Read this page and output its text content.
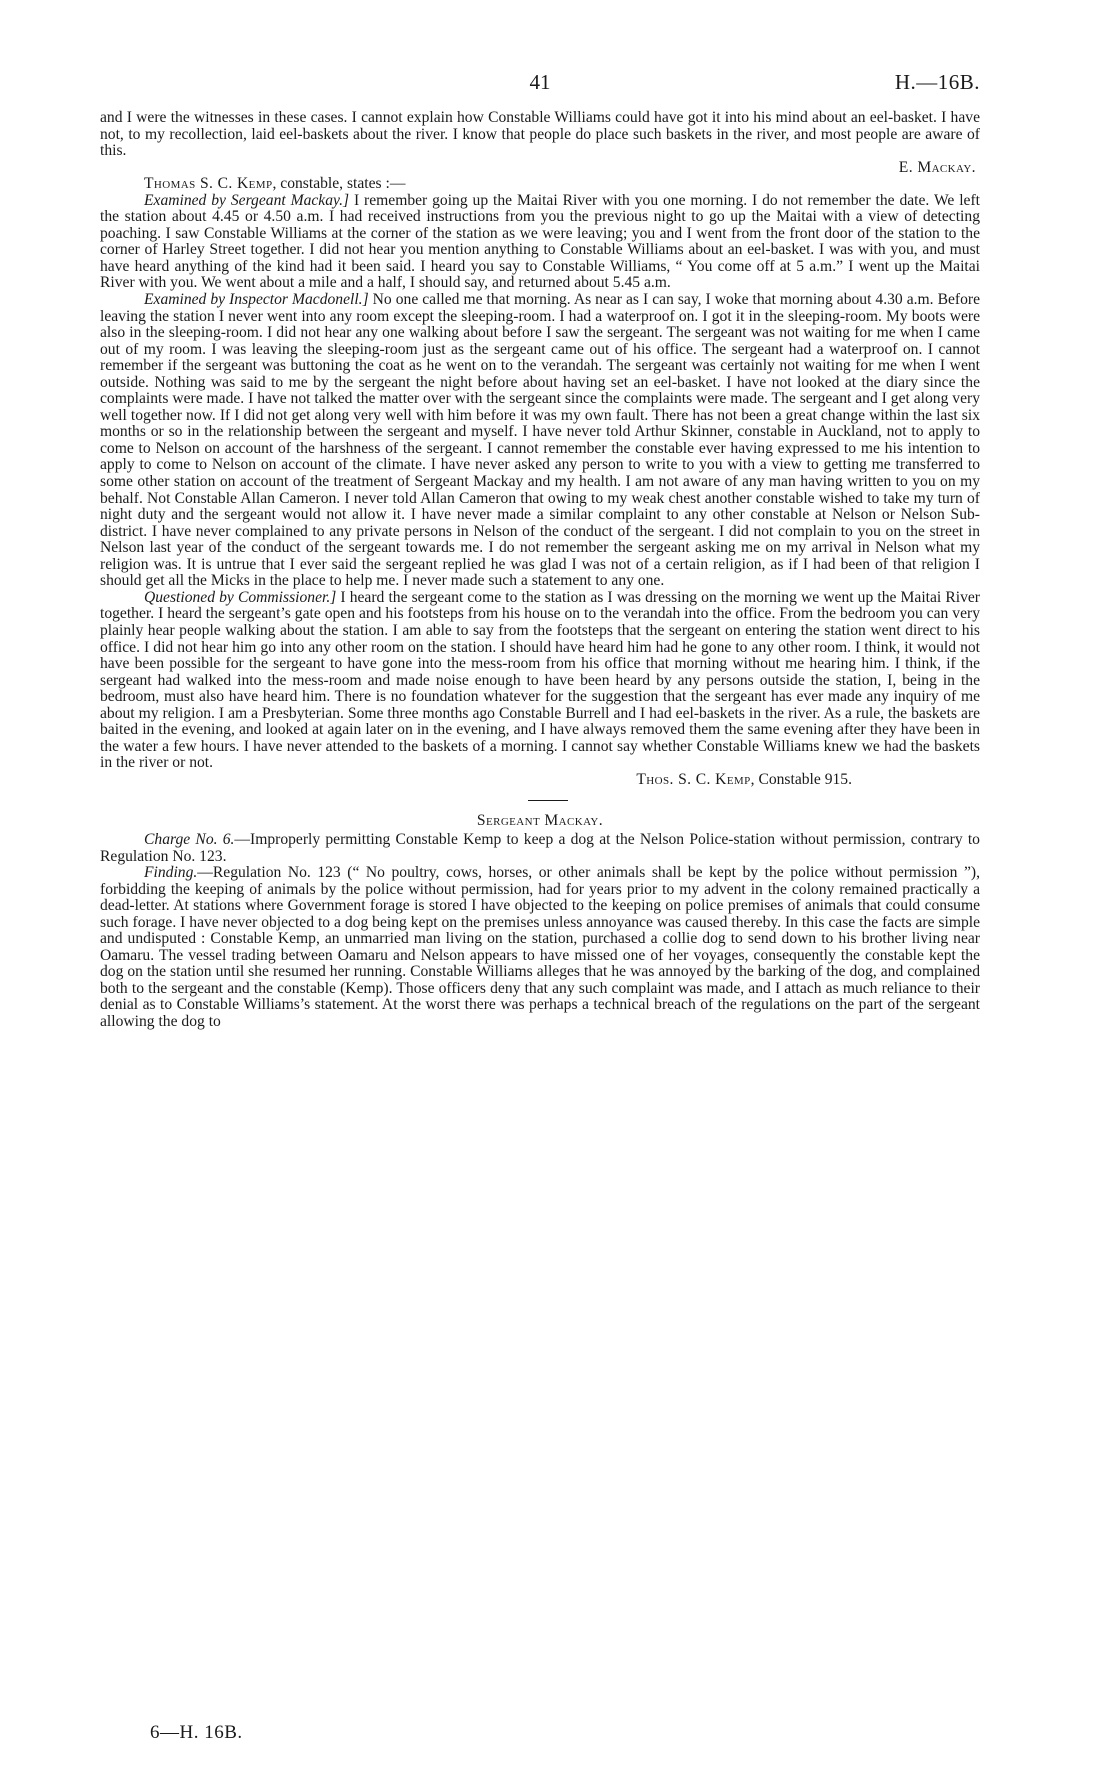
41	H.—16B.

and I were the witnesses in these cases. I cannot explain how Constable Williams could have got it into his mind about an eel-basket. I have not, to my recollection, laid eel-baskets about the river. I know that people do place such baskets in the river, and most people are aware of this.

E. Mackay.

Thomas S. C. Kemp, constable, states :—

Examined by Sergeant Mackay.] I remember going up the Maitai River with you one morning. I do not remember the date. We left the station about 4.45 or 4.50 a.m. I had received instructions from you the previous night to go up the Maitai with a view of detecting poaching. I saw Constable Williams at the corner of the station as we were leaving; you and I went from the front door of the station to the corner of Harley Street together. I did not hear you mention anything to Constable Williams about an eel-basket. I was with you, and must have heard anything of the kind had it been said. I heard you say to Constable Williams, “ You come off at 5 a.m.” I went up the Maitai River with you. We went about a mile and a half, I should say, and returned about 5.45 a.m.

Examined by Inspector Macdonell.] No one called me that morning. As near as I can say, I woke that morning about 4.30 a.m. Before leaving the station I never went into any room except the sleeping-room. I had a waterproof on. I got it in the sleeping-room. My boots were also in the sleeping-room. I did not hear any one walking about before I saw the sergeant. The sergeant was not waiting for me when I came out of my room. I was leaving the sleeping-room just as the sergeant came out of his office. The sergeant had a waterproof on. I cannot remember if the sergeant was buttoning the coat as he went on to the verandah. The sergeant was certainly not waiting for me when I went outside. Nothing was said to me by the sergeant the night before about having set an eel-basket. I have not looked at the diary since the complaints were made. I have not talked the matter over with the sergeant since the complaints were made. The sergeant and I get along very well together now. If I did not get along very well with him before it was my own fault. There has not been a great change within the last six months or so in the relationship between the sergeant and myself. I have never told Arthur Skinner, constable in Auckland, not to apply to come to Nelson on account of the harshness of the sergeant. I cannot remember the constable ever having expressed to me his intention to apply to come to Nelson on account of the climate. I have never asked any person to write to you with a view to getting me transferred to some other station on account of the treatment of Sergeant Mackay and my health. I am not aware of any man having written to you on my behalf. Not Constable Allan Cameron. I never told Allan Cameron that owing to my weak chest another constable wished to take my turn of night duty and the sergeant would not allow it. I have never made a similar complaint to any other constable at Nelson or Nelson Sub-district. I have never complained to any private persons in Nelson of the conduct of the sergeant. I did not complain to you on the street in Nelson last year of the conduct of the sergeant towards me. I do not remember the sergeant asking me on my arrival in Nelson what my religion was. It is untrue that I ever said the sergeant replied he was glad I was not of a certain religion, as if I had been of that religion I should get all the Micks in the place to help me. I never made such a statement to any one.

Questioned by Commissioner.] I heard the sergeant come to the station as I was dressing on the morning we went up the Maitai River together. I heard the sergeant’s gate open and his footsteps from his house on to the verandah into the office. From the bedroom you can very plainly hear people walking about the station. I am able to say from the footsteps that the sergeant on entering the station went direct to his office. I did not hear him go into any other room on the station. I should have heard him had he gone to any other room. I think, it would not have been possible for the sergeant to have gone into the mess-room from his office that morning without me hearing him. I think, if the sergeant had walked into the mess-room and made noise enough to have been heard by any persons outside the station, I, being in the bedroom, must also have heard him. There is no foundation whatever for the suggestion that the sergeant has ever made any inquiry of me about my religion. I am a Presbyterian. Some three months ago Constable Burrell and I had eel-baskets in the river. As a rule, the baskets are baited in the evening, and looked at again later on in the evening, and I have always removed them the same evening after they have been in the water a few hours. I have never attended to the baskets of a morning. I cannot say whether Constable Williams knew we had the baskets in the river or not.

Thos. S. C. Kemp, Constable 915.
Sergeant Mackay.

Charge No. 6.—Improperly permitting Constable Kemp to keep a dog at the Nelson Police-station without permission, contrary to Regulation No. 123.

Finding.—Regulation No. 123 (“ No poultry, cows, horses, or other animals shall be kept by the police without permission ”), forbidding the keeping of animals by the police without permission, had for years prior to my advent in the colony remained practically a dead-letter. At stations where Government forage is stored I have objected to the keeping on police premises of animals that could consume such forage. I have never objected to a dog being kept on the premises unless annoyance was caused thereby. In this case the facts are simple and undisputed : Constable Kemp, an unmarried man living on the station, purchased a collie dog to send down to his brother living near Oamaru. The vessel trading between Oamaru and Nelson appears to have missed one of her voyages, consequently the constable kept the dog on the station until she resumed her running. Constable Williams alleges that he was annoyed by the barking of the dog, and complained both to the sergeant and the constable (Kemp). Those officers deny that any such complaint was made, and I attach as much reliance to their denial as to Constable Williams’s statement. At the worst there was perhaps a technical breach of the regulations on the part of the sergeant allowing the dog to

6—H. 16B.
